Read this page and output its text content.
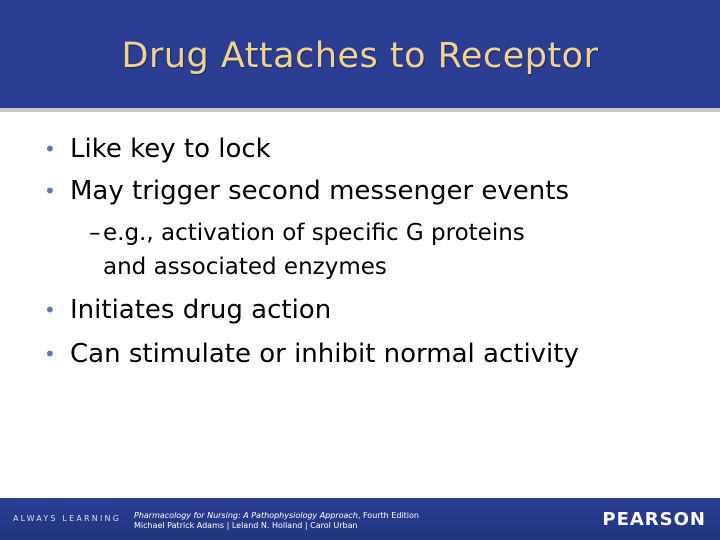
Drug Attaches to Receptor
• Like key to lock
• May trigger second messenger events
– e.g., activation of specific G proteins
and associated enzymes
• Initiates drug action
• Can stimulate or inhibit normal activity
ALWAYS LEARNING Pharmacology for Nursing: A Pathophysiology Approach, Fourth Edition
Michael Patrick Adams | Leland N. Holland | Carol Urban	PEARSON
